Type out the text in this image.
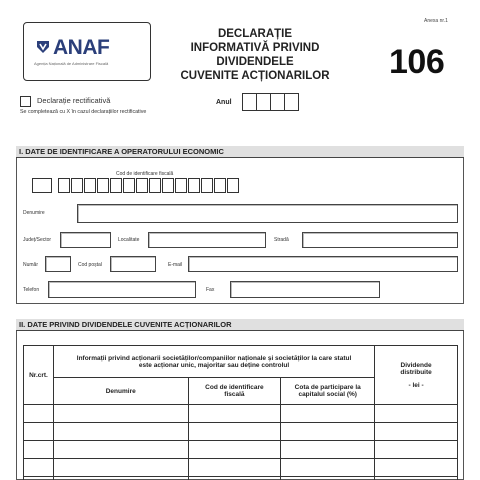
ANAF
Agenția Națională de Administrare Fiscală
DECLARAȚIE
INFORMATIVĂ PRIVIND DIVIDENDELE
CUVENITE ACȚIONARILOR
Anexa nr.1
106
Declarație rectificativă
Se completează cu X în cazul declarațiilor rectificative
Anul
I. DATE DE IDENTIFICARE A OPERATORULUI ECONOMIC
Cod de identificare fiscală
Denumire
Județ/Sector	Localitate	Stradă
Număr	Cod poștal	E-mail
Telefon	Fax
II. DATE PRIVIND DIVIDENDELE CUVENITE ACȚIONARILOR
Nr.crt.	Informații privind acționarii societăților/companiilor naționale și societăților la care statul este acționar unic, majoritar sau deține controlul			Dividende distribuite
- lei -

	Denumire	Cod de identificare fiscală	Cota de participare la capitalul social (%)	
